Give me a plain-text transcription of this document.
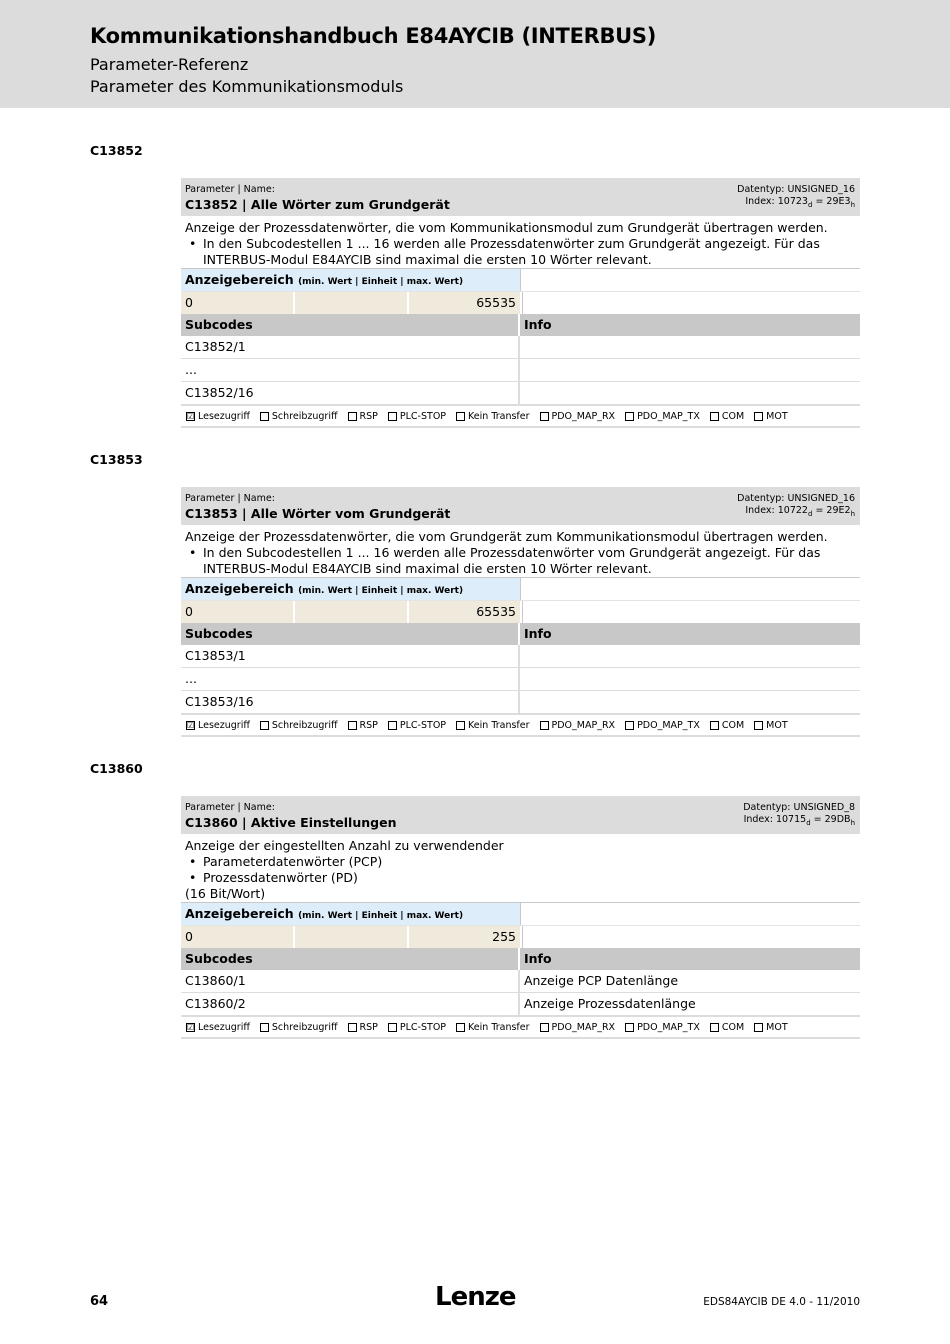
Kommunikationshandbuch E84AYCIB (INTERBUS)
Parameter-Referenz
Parameter des Kommunikationsmoduls
C13852
Parameter | Name:
C13852 | Alle Wörter zum Grundgerät
Datentyp: UNSIGNED_16
Index: $10723_d = 29E3_h$
Anzeige der Prozessdatenwörter, die vom Kommunikationsmodul zum Grundgerät übertragen werden.
• In den Subcodestellen 1 ... 16 werden alle Prozessdatenwörter zum Grundgerät angezeigt. Für das INTERBUS-Modul E84AYCIB sind maximal die ersten 10 Wörter relevant.
Anzeigebereich (min. Wert | Einheit | max. Wert)
0	65535
Subcodes	Info
C13852/1
...
C13852/16
☑ Lesezugriff Schreibzugriff RSP PLC-STOP Kein Transfer PDO_MAP_RX PDO_MAP_TX COM MOT
C13853
Parameter | Name:
C13853 | Alle Wörter vom Grundgerät
Datentyp: UNSIGNED_16
Index: $10722_d = 29E2_h$
Anzeige der Prozessdatenwörter, die vom Grundgerät zum Kommunikationsmodul übertragen werden.
• In den Subcodestellen 1 ... 16 werden alle Prozessdatenwörter vom Grundgerät angezeigt. Für das INTERBUS-Modul E84AYCIB sind maximal die ersten 10 Wörter relevant.
Anzeigebereich (min. Wert | Einheit | max. Wert)
0	65535
Subcodes	Info
C13853/1
...
C13853/16
☑ Lesezugriff Schreibzugriff RSP PLC-STOP Kein Transfer PDO_MAP_RX PDO_MAP_TX COM MOT
C13860
Parameter | Name:
C13860 | Aktive Einstellungen
Datentyp: UNSIGNED_8
Index: $10715_d = 29DB_h$
Anzeige der eingestellten Anzahl zu verwendender
• Parameterdatenwörter (PCP)
• Prozessdatenwörter (PD)
(16 Bit/Wort)
Anzeigebereich (min. Wert | Einheit | max. Wert)
0	255
Subcodes	Info
C13860/1	Anzeige PCP Datenlänge
C13860/2	Anzeige Prozessdatenlänge
☑ Lesezugriff Schreibzugriff RSP PLC-STOP Kein Transfer PDO_MAP_RX PDO_MAP_TX COM MOT
64	Lenze	EDS84AYCIB DE 4.0 - 11/2010
